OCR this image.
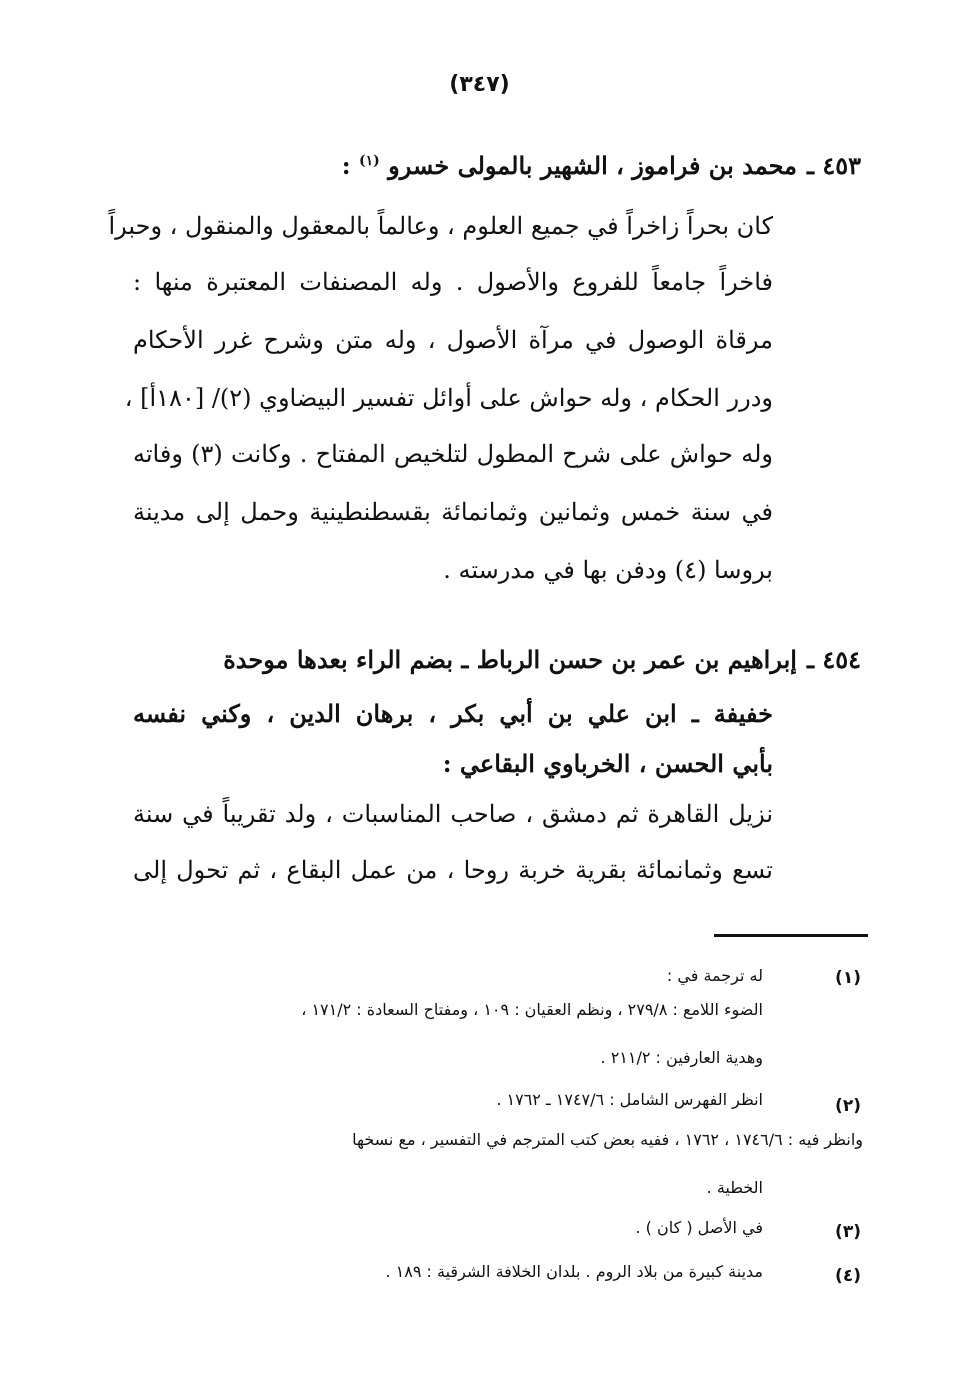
(٣٤٧)
٤٥٣ ـمحمد بن فراموز ، الشهير بالمولى خسرو $^{(١)}$ :
كان بحراً زاخراً في جميع العلوم ، وعالماً بالمعقول والمنقول ، وحبراً
فاخراً جامعاً للفروع والأصول . وله المصنفات المعتبرة منها :
مرقاة الوصول في مرآة الأصول ، وله متن وشرح غرر الأحكام
ودرر الحكام ، وله حواش على أوائل تفسير البيضاوي (٢)/ [١٨٠أ] ،
وله حواش على شرح المطول لتلخيص المفتاح . وكانت (٣) وفاته
في سنة خمس وثمانين وثمانمائة بقسطنطينية وحمل إلى مدينة
بروسا (٤) ودفن بها في مدرسته .
٤٥٤ ـإبراهيم بن عمر بن حسن الرباط ـ بضم الراء بعدها موحدة
خفيفة ـ ابن علي بن أبي بكر ، برهان الدين ، وكني نفسه
بأبي الحسن ، الخرباوي البقاعي :
نزيل القاهرة ثم دمشق ، صاحب المناسبات ، ولد تقريباً في سنة
تسع وثمانمائة بقرية خربة روحا ، من عمل البقاع ، ثم تحول إلى
(١)
له ترجمة في :
الضوء اللامع : ٢٧٩/٨ ، ونظم العقيان : ١٠٩ ، ومفتاح السعادة : ١٧١/٢ ،
وهدية العارفين : ٢١١/٢ .
(٢)
انظر الفهرس الشامل : ١٧٤٧/٦ ـ ١٧٦٢ .
وانظر فيه : ١٧٤٦/٦ ، ١٧٦٢ ، ففيه بعض كتب المترجم في التفسير ، مع نسخها
الخطية .
(٣)
في الأصل ( كان ) .
(٤)
مدينة كبيرة من بلاد الروم . بلدان الخلافة الشرقية : ١٨٩ .
